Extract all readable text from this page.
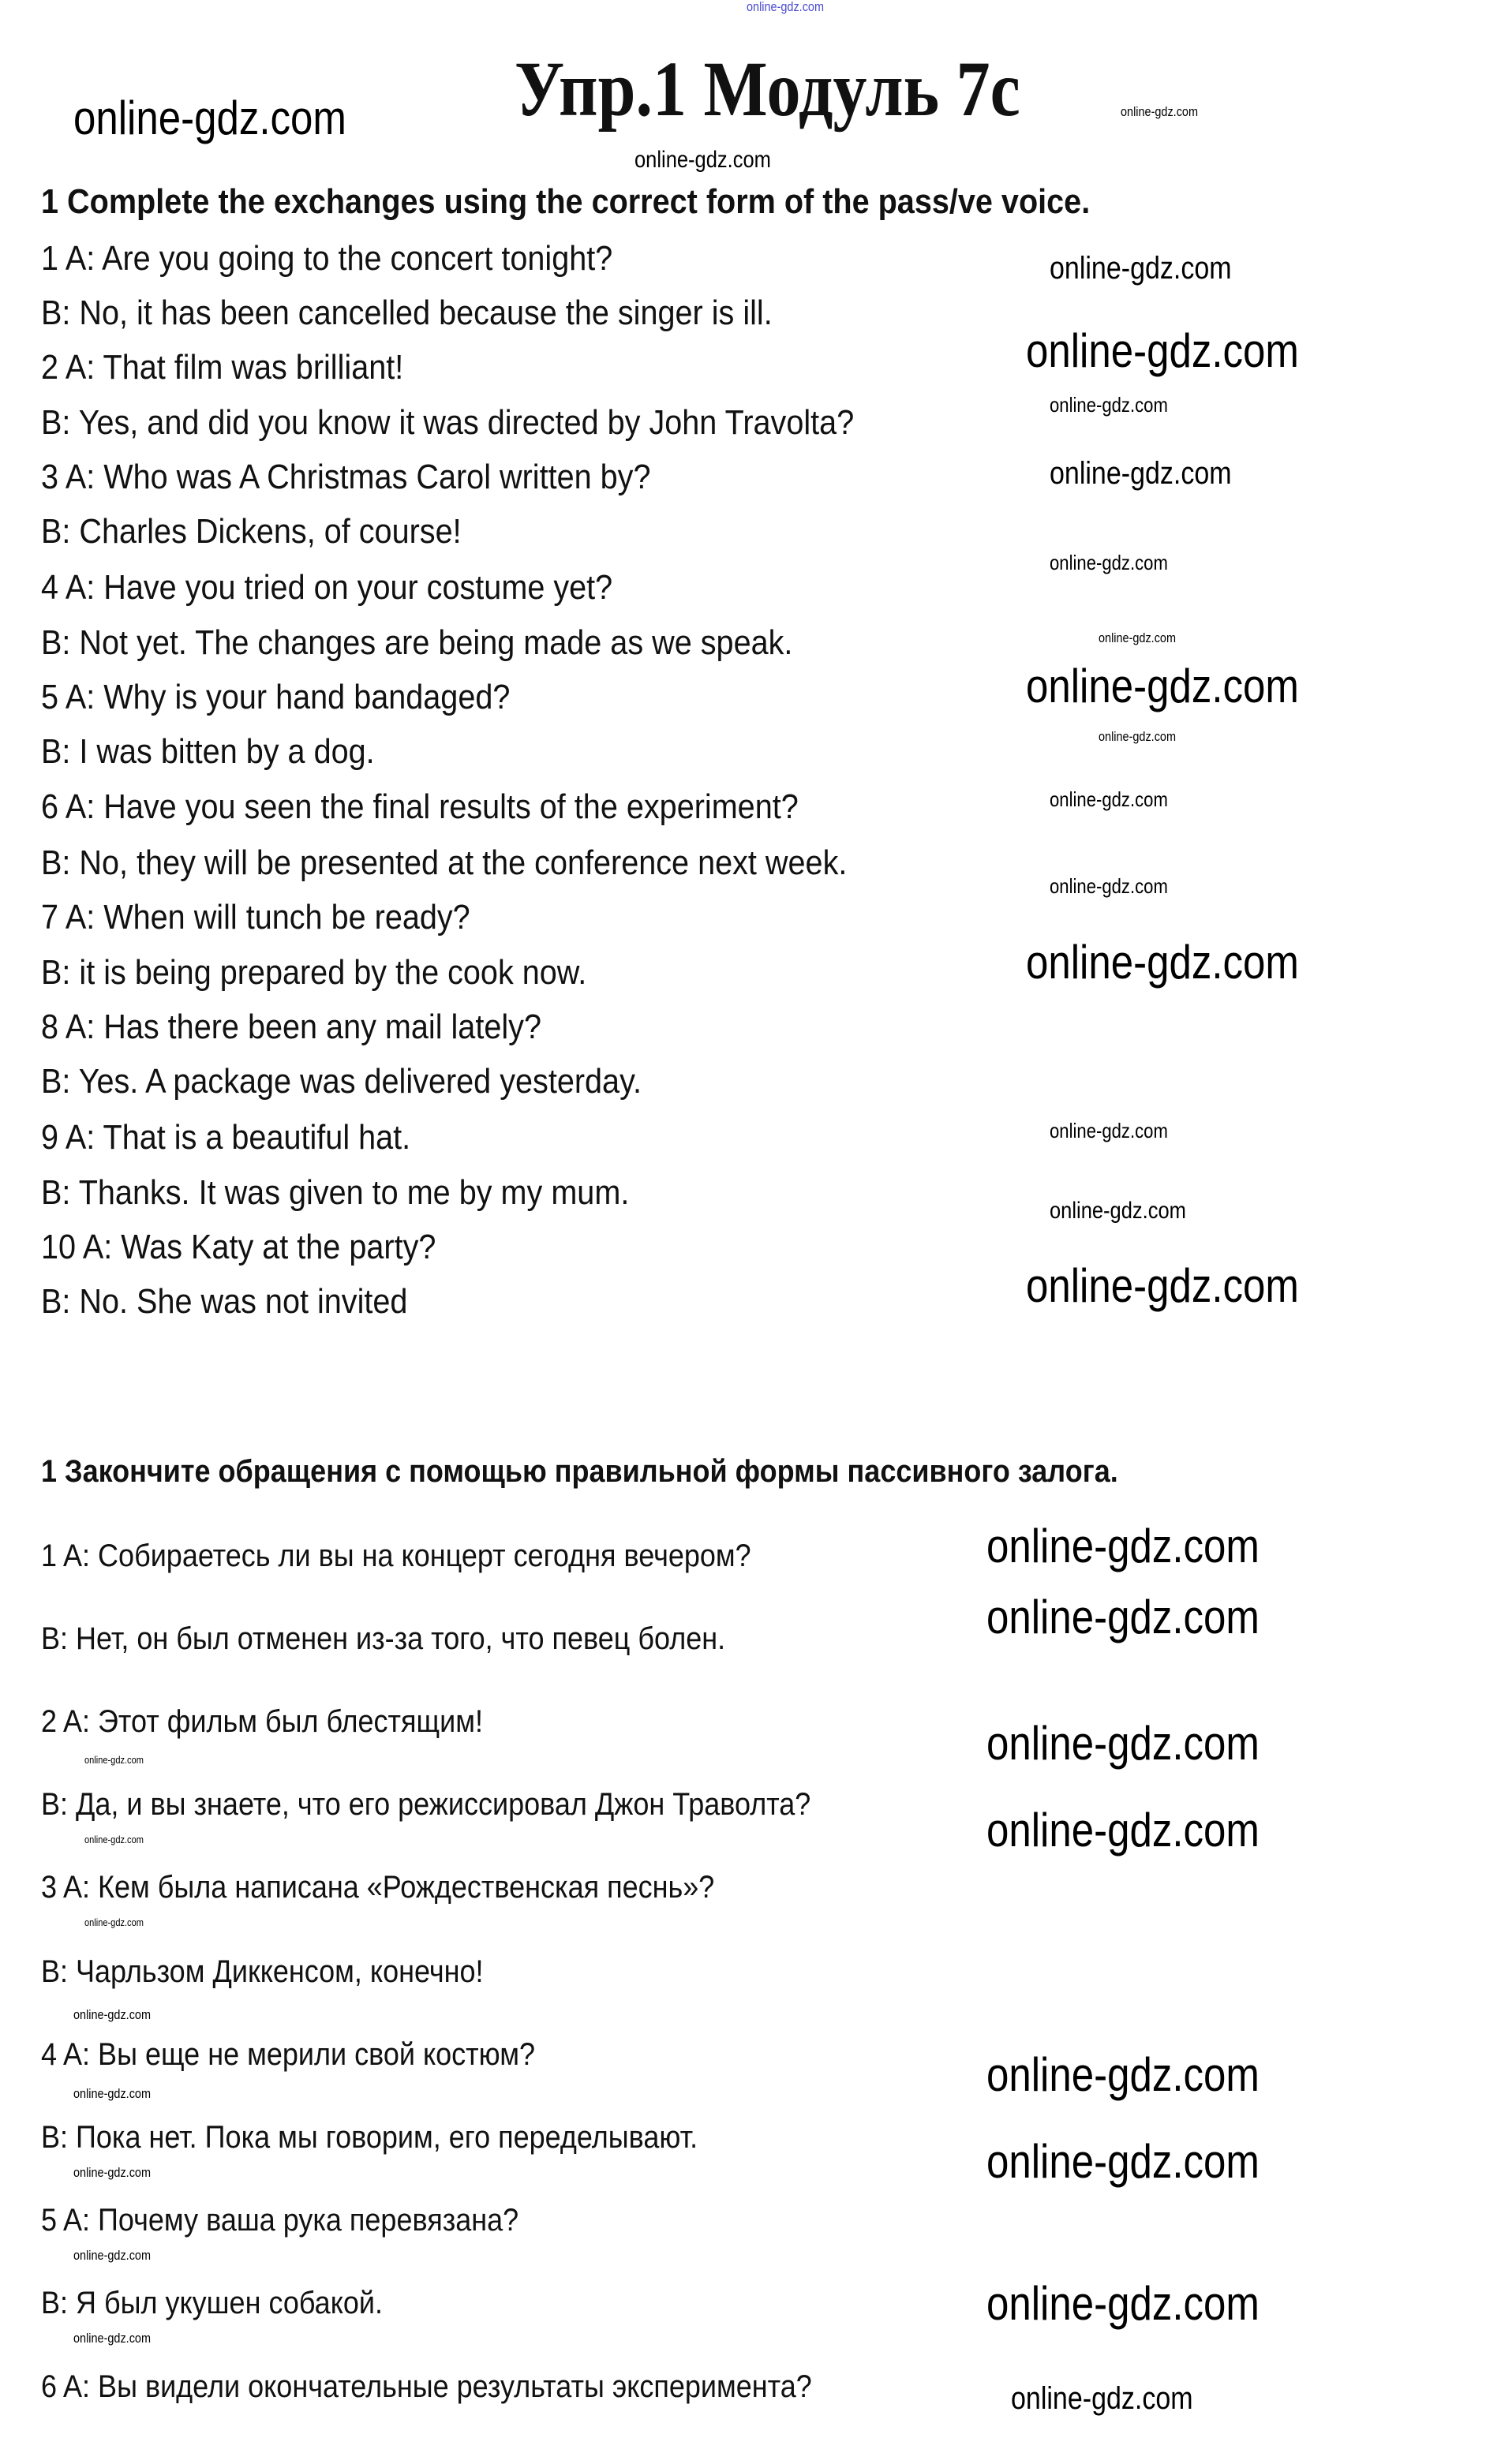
Упр.1 Модуль 7с
1 Complete the exchanges using the correct form of the pass/ve voice.
1 A: Are you going to the concert tonight?
B: No, it has been cancelled because the singer is ill.
2 A: That film was brilliant!
B: Yes, and did you know it was directed by John Travolta?
3 A: Who was A Christmas Carol written by?
B: Charles Dickens, of course!
4 A: Have you tried on your costume yet?
B: Not yet. The changes are being made as we speak.
5 A: Why is your hand bandaged?
B: I was bitten by a dog.
6 A: Have you seen the final results of the experiment?
B: No, they will be presented at the conference next week.
7 A: When will tunch be ready?
B: it is being prepared by the cook now.
8 A: Has there been any mail lately?
B: Yes. A package was delivered yesterday.
9 A: That is a beautiful hat.
B: Thanks. It was given to me by my mum.
10 A: Was Katy at the party?
B: No. She was not invited
1 Закончите обращения с помощью правильной формы пассивного залога.
1 A: Собираетесь ли вы на концерт сегодня вечером?
B: Нет, он был отменен из-за того, что певец болен.
2 A: Этот фильм был блестящим!
B: Да, и вы знаете, что его режиссировал Джон Траволта?
3 A: Кем была написана «Рождественская песнь»?
B: Чарльзом Диккенсом, конечно!
4 A: Вы еще не мерили свой костюм?
B: Пока нет. Пока мы говорим, его переделывают.
5 A: Почему ваша рука перевязана?
B: Я был укушен собакой.
6 A: Вы видели окончательные результаты эксперимента?
online-gdz.com
online-gdz.com
online-gdz.com
online-gdz.com
online-gdz.com
online-gdz.com
online-gdz.com
online-gdz.com
online-gdz.com
online-gdz.com
online-gdz.com
online-gdz.com
online-gdz.com
online-gdz.com
online-gdz.com
online-gdz.com
online-gdz.com
online-gdz.com
online-gdz.com
online-gdz.com
online-gdz.com	online-gdz.com
online-gdz.com	online-gdz.com
online-gdz.com
online-gdz.com
online-gdz.com	online-gdz.com
online-gdz.com
online-gdz.com
online-gdz.com
online-gdz.com
online-gdz.com
online-gdz.com
